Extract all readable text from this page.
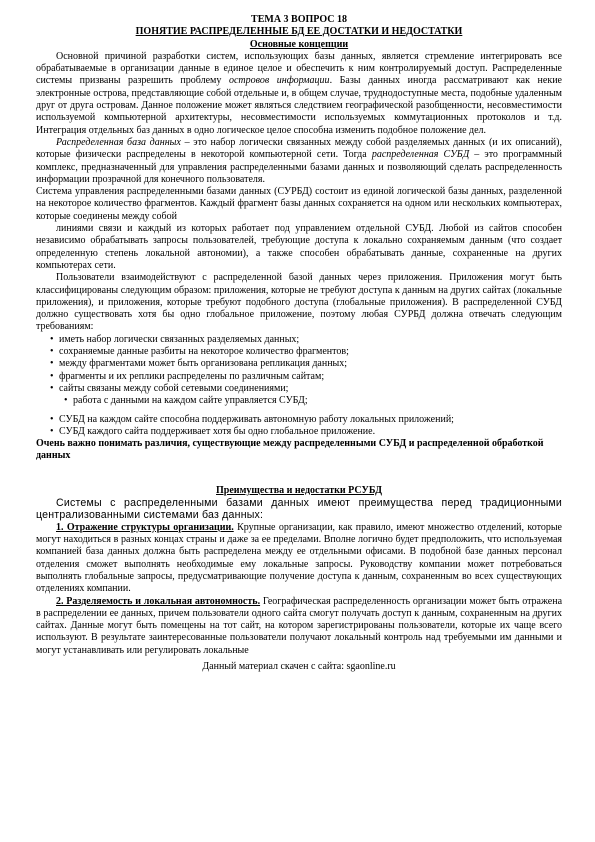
ТЕМА 3 ВОПРОС 18

ПОНЯТИЕ РАСПРЕДЕЛЕННЫЕ БД ЕЕ ДОСТАТКИ И НЕДОСТАТКИ

Основные концепции

Основной причиной разработки систем, использующих базы данных, является стремление интегрировать все обрабатываемые в организации данные в единое целое и обеспечить к ним контролируемый доступ. Распределенные системы призваны разрешить проблему островов информации. Базы данных иногда рассматривают как некие электронные острова, представляющие собой отдельные и, в общем случае, труднодоступные места, подобные удаленным друг от друга островам. Данное положение может являться следствием географической разобщенности, несовместимости используемой компьютерной архитектуры, несовместимости используемых коммутационных протоколов и т.д. Интеграция отдельных баз данных в одно логическое целое способна изменить подобное положение дел.

Распределенная база данных – это набор логически связанных между собой разделяемых данных (и их описаний), которые физически распределены в некоторой компьютерной сети. Тогда распределенная СУБД – это программный комплекс, предназначенный для управления распределенными базами данных и позволяющий сделать распределенность информации прозрачной для конечного пользователя.

Система управления распределенными базами данных (СУРБД) состоит из единой логической базы данных, разделенной на некоторое количество фрагментов. Каждый фрагмент базы данных сохраняется на одном или нескольких компьютерах, которые соединены между собой

линиями связи и каждый из которых работает под управлением отдельной СУБД. Любой из сайтов способен независимо обрабатывать запросы пользователей, требующие доступа к локально сохраняемым данным (что создает определенную степень локальной автономии), а также способен обрабатывать данные, сохраненные на других компьютерах сети.

Пользователи взаимодействуют с распределенной базой данных через приложения. Приложения могут быть классифицированы следующим образом: приложения, которые не требуют доступа к данным на других сайтах (локальные приложения), и приложения, которые требуют подобного доступа (глобальные приложения). В распределенной СУБД должно существовать хотя бы одно глобальное приложение, поэтому любая СУРБД должна отвечать следующим требованиям:

• иметь набор логически связанных разделяемых данных;
• сохраняемые данные разбиты на некоторое количество фрагментов;
• между фрагментами может быть организована репликация данных;
• фрагменты и их реплики распределены по различным сайтам;
• сайты связаны между собой сетевыми соединениями;
• работа с данными на каждом сайте управляется СУБД;
• СУБД на каждом сайте способна поддерживать автономную работу локальных приложений;
• СУБД каждого сайта поддерживает хотя бы одно глобальное приложение.

Очень важно понимать различия, существующие между распределенными СУБД и распределенной обработкой данных

Преимущества и недостатки РСУБД

Системы с распределенными базами данных имеют преимущества перед традиционными централизованными системами баз данных:

1. Отражение структуры организации. Крупные организации, как правило, имеют множество отделений, которые могут находиться в разных концах страны и даже за ее пределами. Вполне логично будет предположить, что используемая компанией база данных должна быть распределена между ее отдельными офисами. В подобной базе данных персонал отделения сможет выполнять необходимые ему локальные запросы. Руководству компании может потребоваться выполнять глобальные запросы, предусматривающие получение доступа к данным, сохраненным во всех существующих отделениях компании.

2. Разделяемость и локальная автономность. Географическая распределенность организации может быть отражена в распределении ее данных, причем пользователи одного сайта смогут получать доступ к данным, сохраненным на других сайтах. Данные могут быть помещены на тот сайт, на котором зарегистрированы пользователи, которые их чаще всего используют. В результате заинтересованные пользователи получают локальный контроль над требуемыми им данными и могут устанавливать или регулировать локальные

Данный материал скачен с сайта: sgaonline.ru
